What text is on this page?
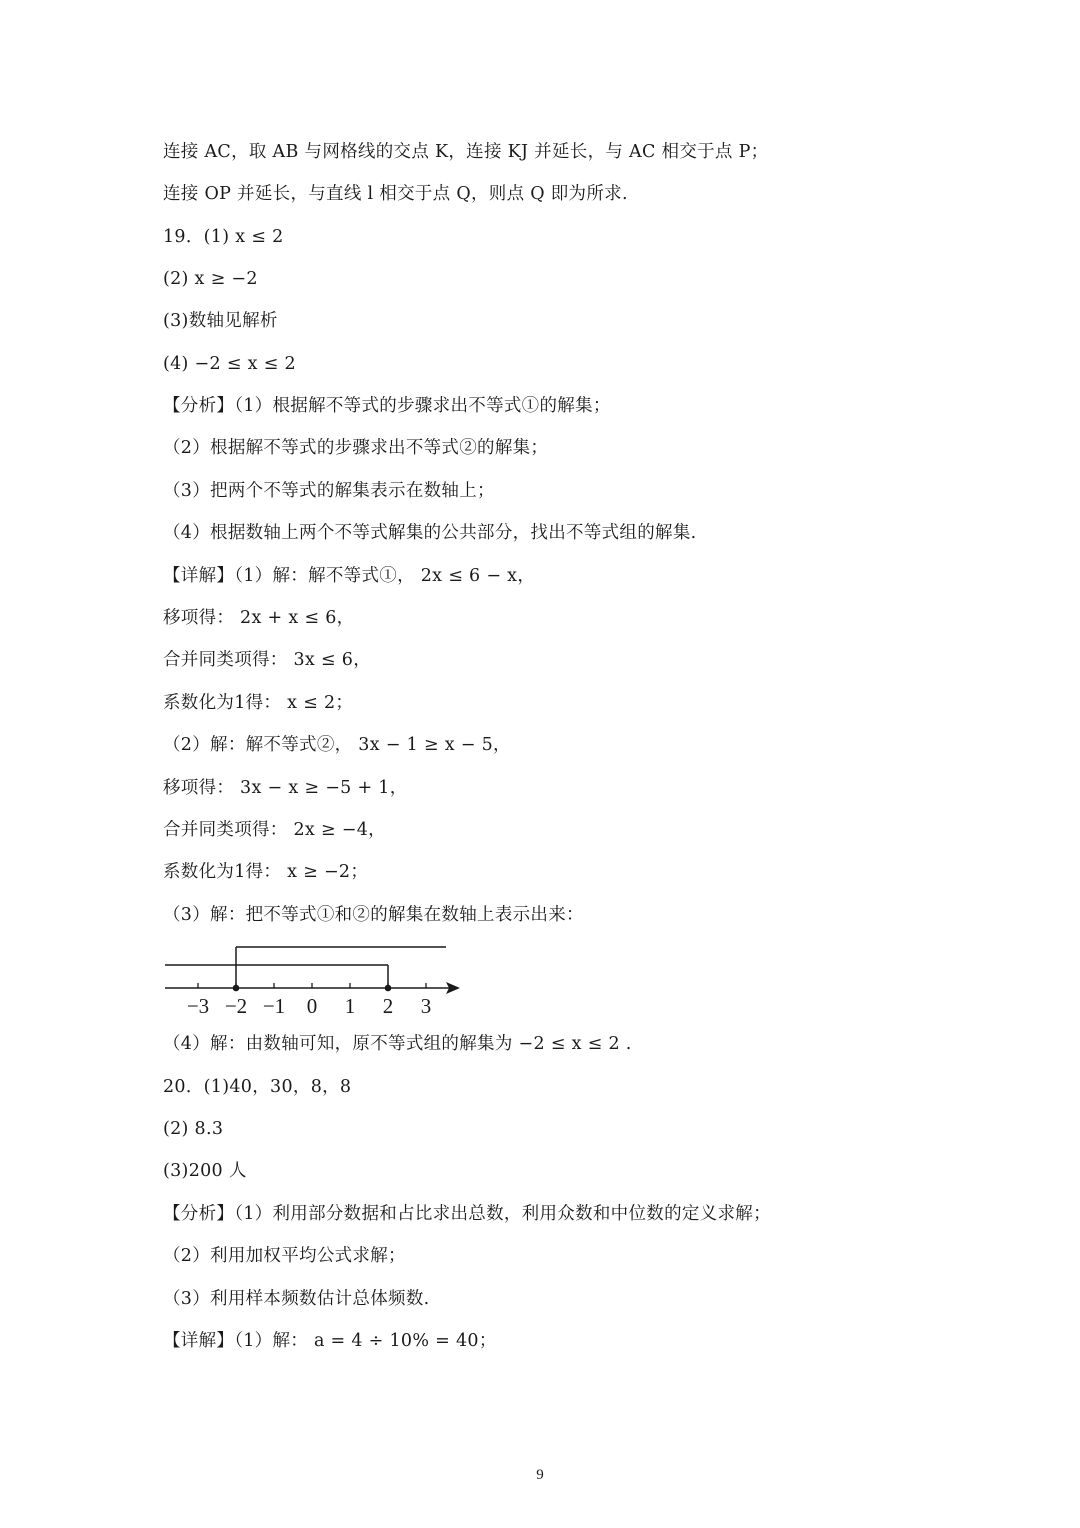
连接 AC，取 AB 与网格线的交点 K，连接 KJ 并延长，与 AC 相交于点 P；
连接 OP 并延长，与直线 l 相交于点 Q，则点 Q 即为所求.
19．(1) x ≤ 2
(2) x ≥ −2
(3)数轴见解析
(4) −2 ≤ x ≤ 2
【分析】（1）根据解不等式的步骤求出不等式①的解集；
（2）根据解不等式的步骤求出不等式②的解集；
（3）把两个不等式的解集表示在数轴上；
（4）根据数轴上两个不等式解集的公共部分，找出不等式组的解集.
【详解】（1）解：解不等式①， 2x ≤ 6 − x，
移项得： 2x + x ≤ 6，
合并同类项得： 3x ≤ 6，
系数化为1得： x ≤ 2；
（2）解：解不等式②， 3x − 1 ≥ x − 5，
移项得： 3x − x ≥ −5 + 1，
合并同类项得： 2x ≥ −4，
系数化为1得： x ≥ −2；
（3）解：把不等式①和②的解集在数轴上表示出来：
−3 −2 −1 0 1 2 3
（4）解：由数轴可知，原不等式组的解集为 −2 ≤ x ≤ 2 .
20．(1)40，30，8，8
(2) 8.3
(3)200 人
【分析】（1）利用部分数据和占比求出总数，利用众数和中位数的定义求解；
（2）利用加权平均公式求解；
（3）利用样本频数估计总体频数.
【详解】（1）解： a = 4 ÷ 10% = 40；
9
